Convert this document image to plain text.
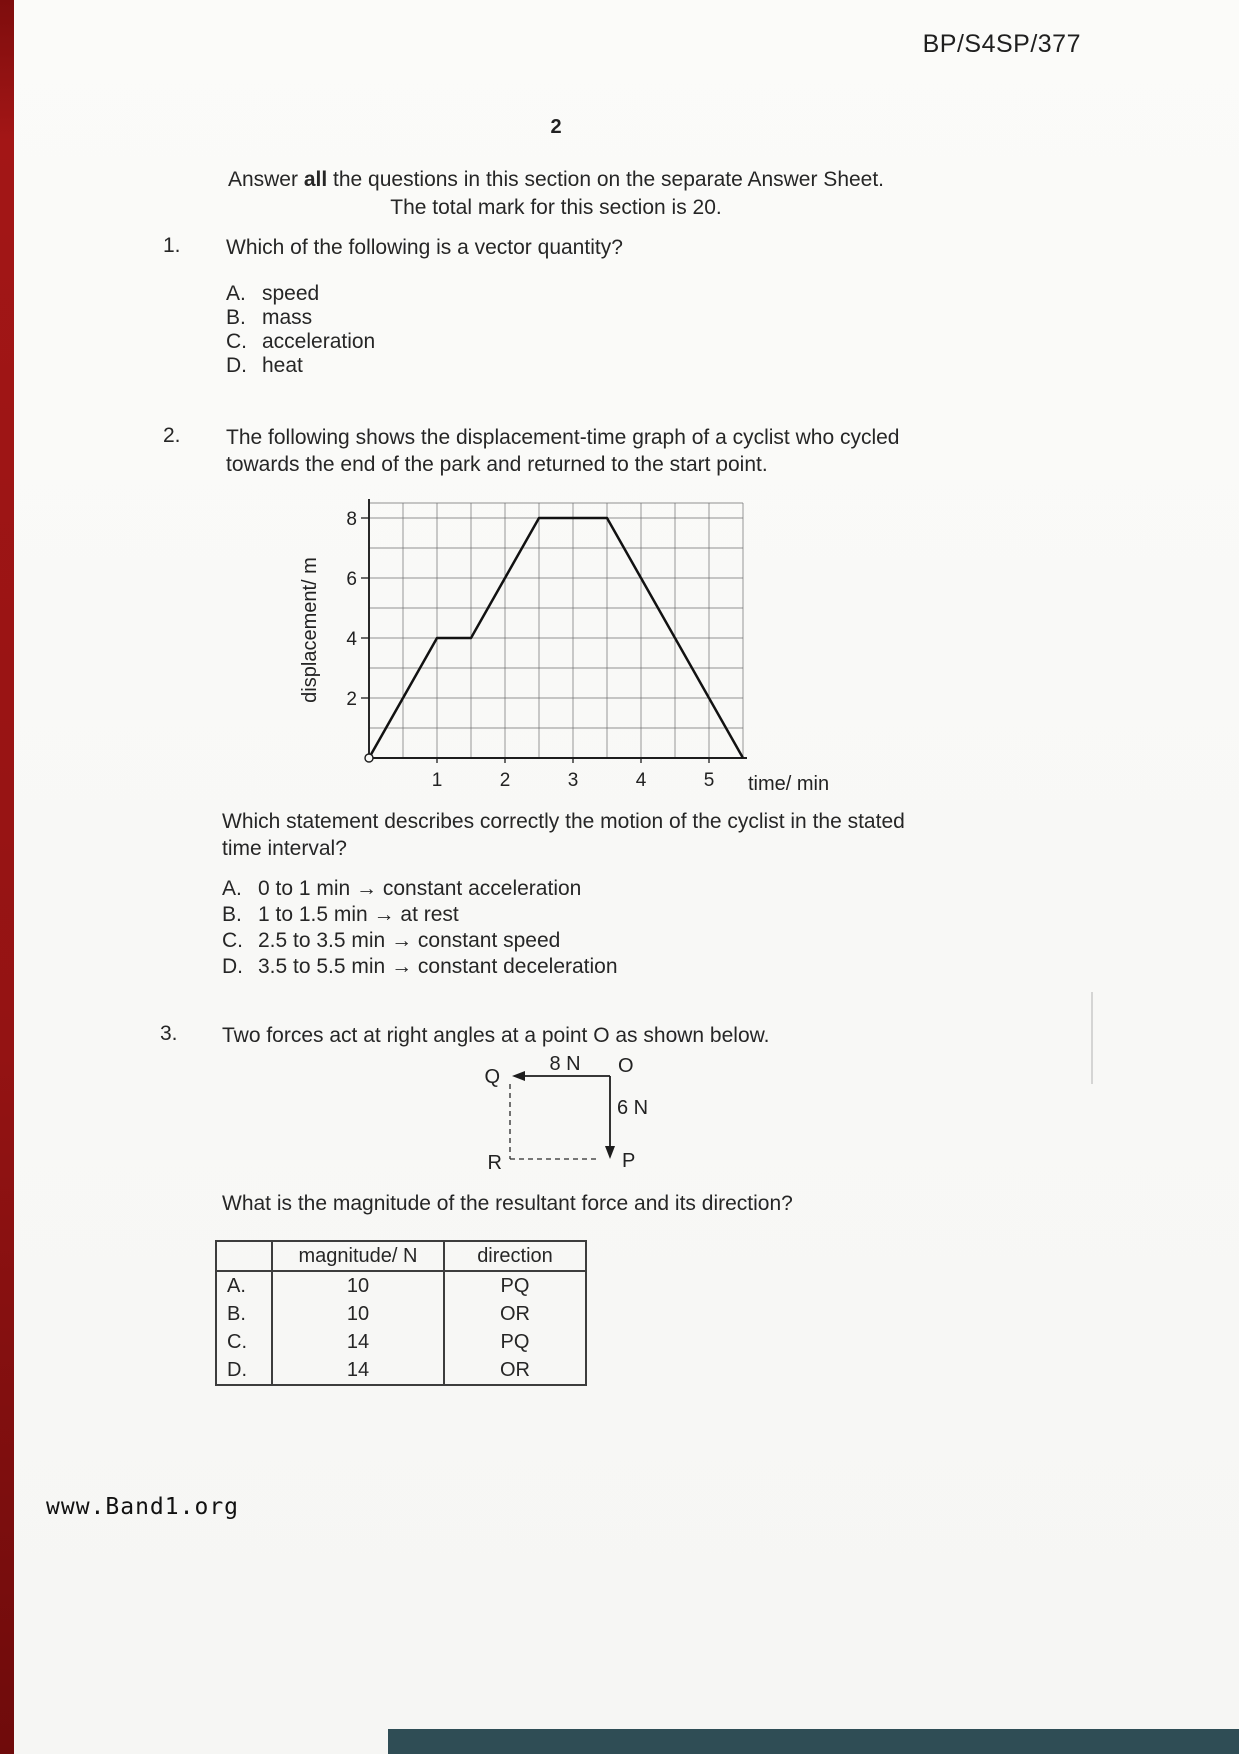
BP/S4SP/377
2
Answer all the questions in this section on the separate Answer Sheet.
The total mark for this section is 20.
1. Which of the following is a vector quantity?
A. speed
B. mass
C. acceleration
D. heat
2. The following shows the displacement-time graph of a cyclist who cycled
towards the end of the park and returned to the start point.
displacement/ m
time/ min
2
4
6
8
1	2	3	4	5
Which statement describes correctly the motion of the cyclist in the stated
time interval?
A. 0 to 1 min → constant acceleration
B. 1 to 1.5 min → at rest
C. 2.5 to 3.5 min → constant speed
D. 3.5 to 5.5 min → constant deceleration
3. Two forces act at right angles at a point O as shown below.
Q	O
8 N
6 N
P
R
What is the magnitude of the resultant force and its direction?
	magnitude/ N	direction
A.	10	PQ
B.	10	OR
C.	14	PQ
D.	14	OR
www.Band1.org
